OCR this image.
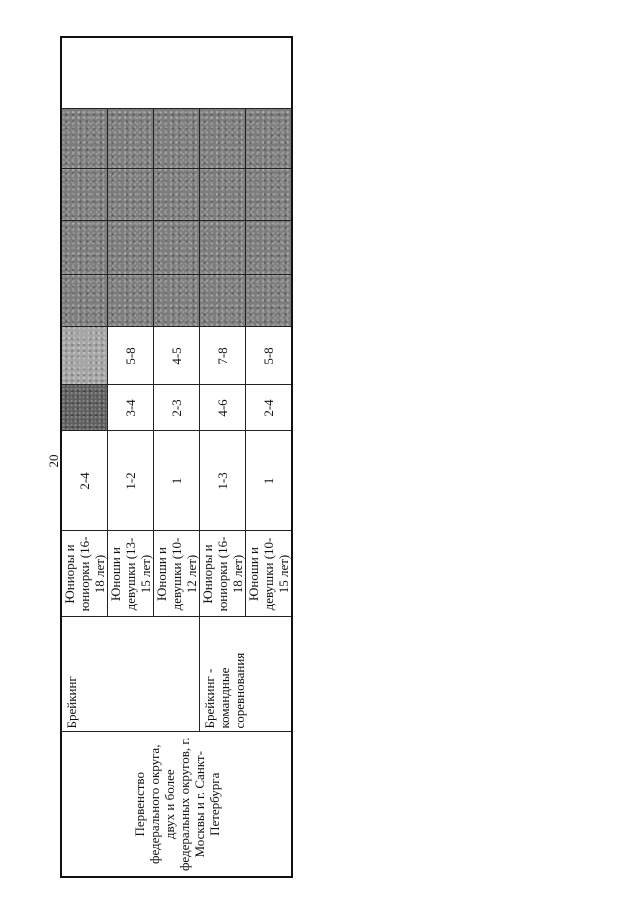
20
Первенство федерального округа, двух и более федеральных округов, г. Москвы и г. Санкт-Петербурга	Брейкинг	Юниоры и юниорки (16-18 лет)	2-4						
		Юноши и девушки (13-15 лет)	1-2	3-4	5-8				
		Юноши и девушки (10-12 лет)	1	2-3	4-5				
	Брейкинг - командные соревнования	Юниоры и юниорки (16-18 лет)	1-3	4-6	7-8				
		Юноши и девушки (10-15 лет)	1	2-4	5-8				
